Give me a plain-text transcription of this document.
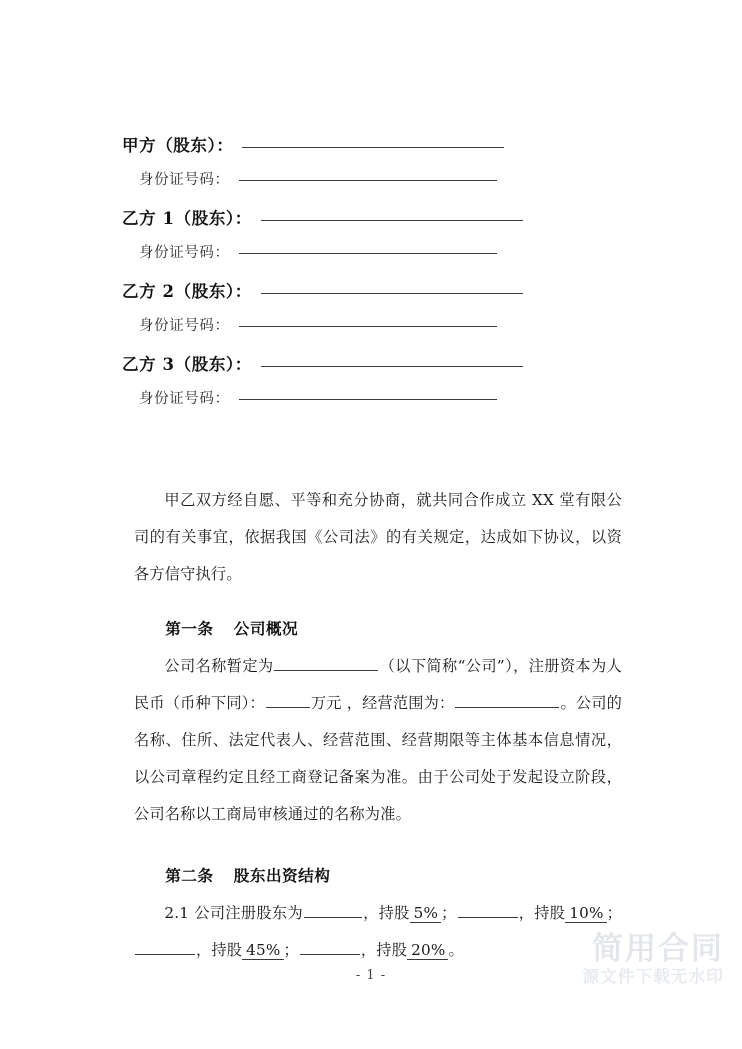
甲方（股东）：
身份证号码：
乙方 1（股东）：
身份证号码：
乙方 2（股东）：
身份证号码：
乙方 3（股东）：
身份证号码：

甲乙双方经自愿、平等和充分协商，就共同合作成立 XX 堂有限公司的有关事宜，依据我国《公司法》的有关规定，达成如下协议，以资各方信守执行。

第一条 公司概况

公司名称暂定为	（以下简称“公司”），注册资本为人民币（币种下同）：	万元 ，经营范围为：	。公司的名称、住所、法定代表人、经营范围、经营期限等主体基本信息情况，以公司章程约定且经工商登记备案为准。由于公司处于发起设立阶段，公司名称以工商局审核通过的名称为准。

第二条 股东出资结构

2.1 公司注册股东为	，持股 5% ；	，持股 10% ；，持股 45% ；	，持股 20% 。	简用合同
源文件下载无水印
- 1 -
